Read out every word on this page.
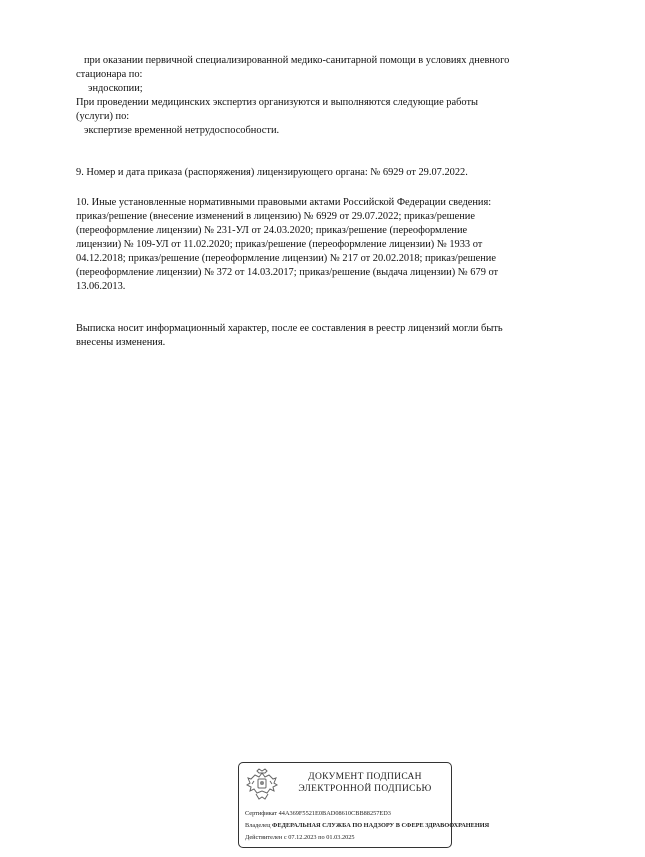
при оказании первичной специализированной медико-санитарной помощи в условиях дневного

стационара по:

эндоскопии;

При проведении медицинских экспертиз организуются и выполняются следующие работы

(услуги) по:

экспертизе временной нетрудоспособности.

9. Номер и дата приказа (распоряжения) лицензирующего органа: № 6929 от 29.07.2022.

10. Иные установленные нормативными правовыми актами Российской Федерации сведения:

приказ/решение (внесение изменений в лицензию) № 6929 от 29.07.2022; приказ/решение

(переоформление лицензии) № 231-УЛ от 24.03.2020; приказ/решение (переоформление

лицензии) № 109-УЛ от 11.02.2020; приказ/решение (переоформление лицензии) № 1933 от

04.12.2018; приказ/решение (переоформление лицензии) № 217 от 20.02.2018; приказ/решение

(переоформление лицензии) № 372 от 14.03.2017; приказ/решение (выдача лицензии) № 679 от

13.06.2013.

Выписка носит информационный характер, после ее составления в реестр лицензий могли быть

внесены изменения.

ДОКУМЕНТ ПОДПИСАН
ЭЛЕКТРОННОЙ ПОДПИСЬЮ
Сертификат 44A369F5521E0BAD08610CBB88257ED3
Владелец ФЕДЕРАЛЬНАЯ СЛУЖБА ПО НАДЗОРУ В СФЕРЕ ЗДРАВООХРАНЕНИЯ
Действителен с 07.12.2023 по 01.03.2025
